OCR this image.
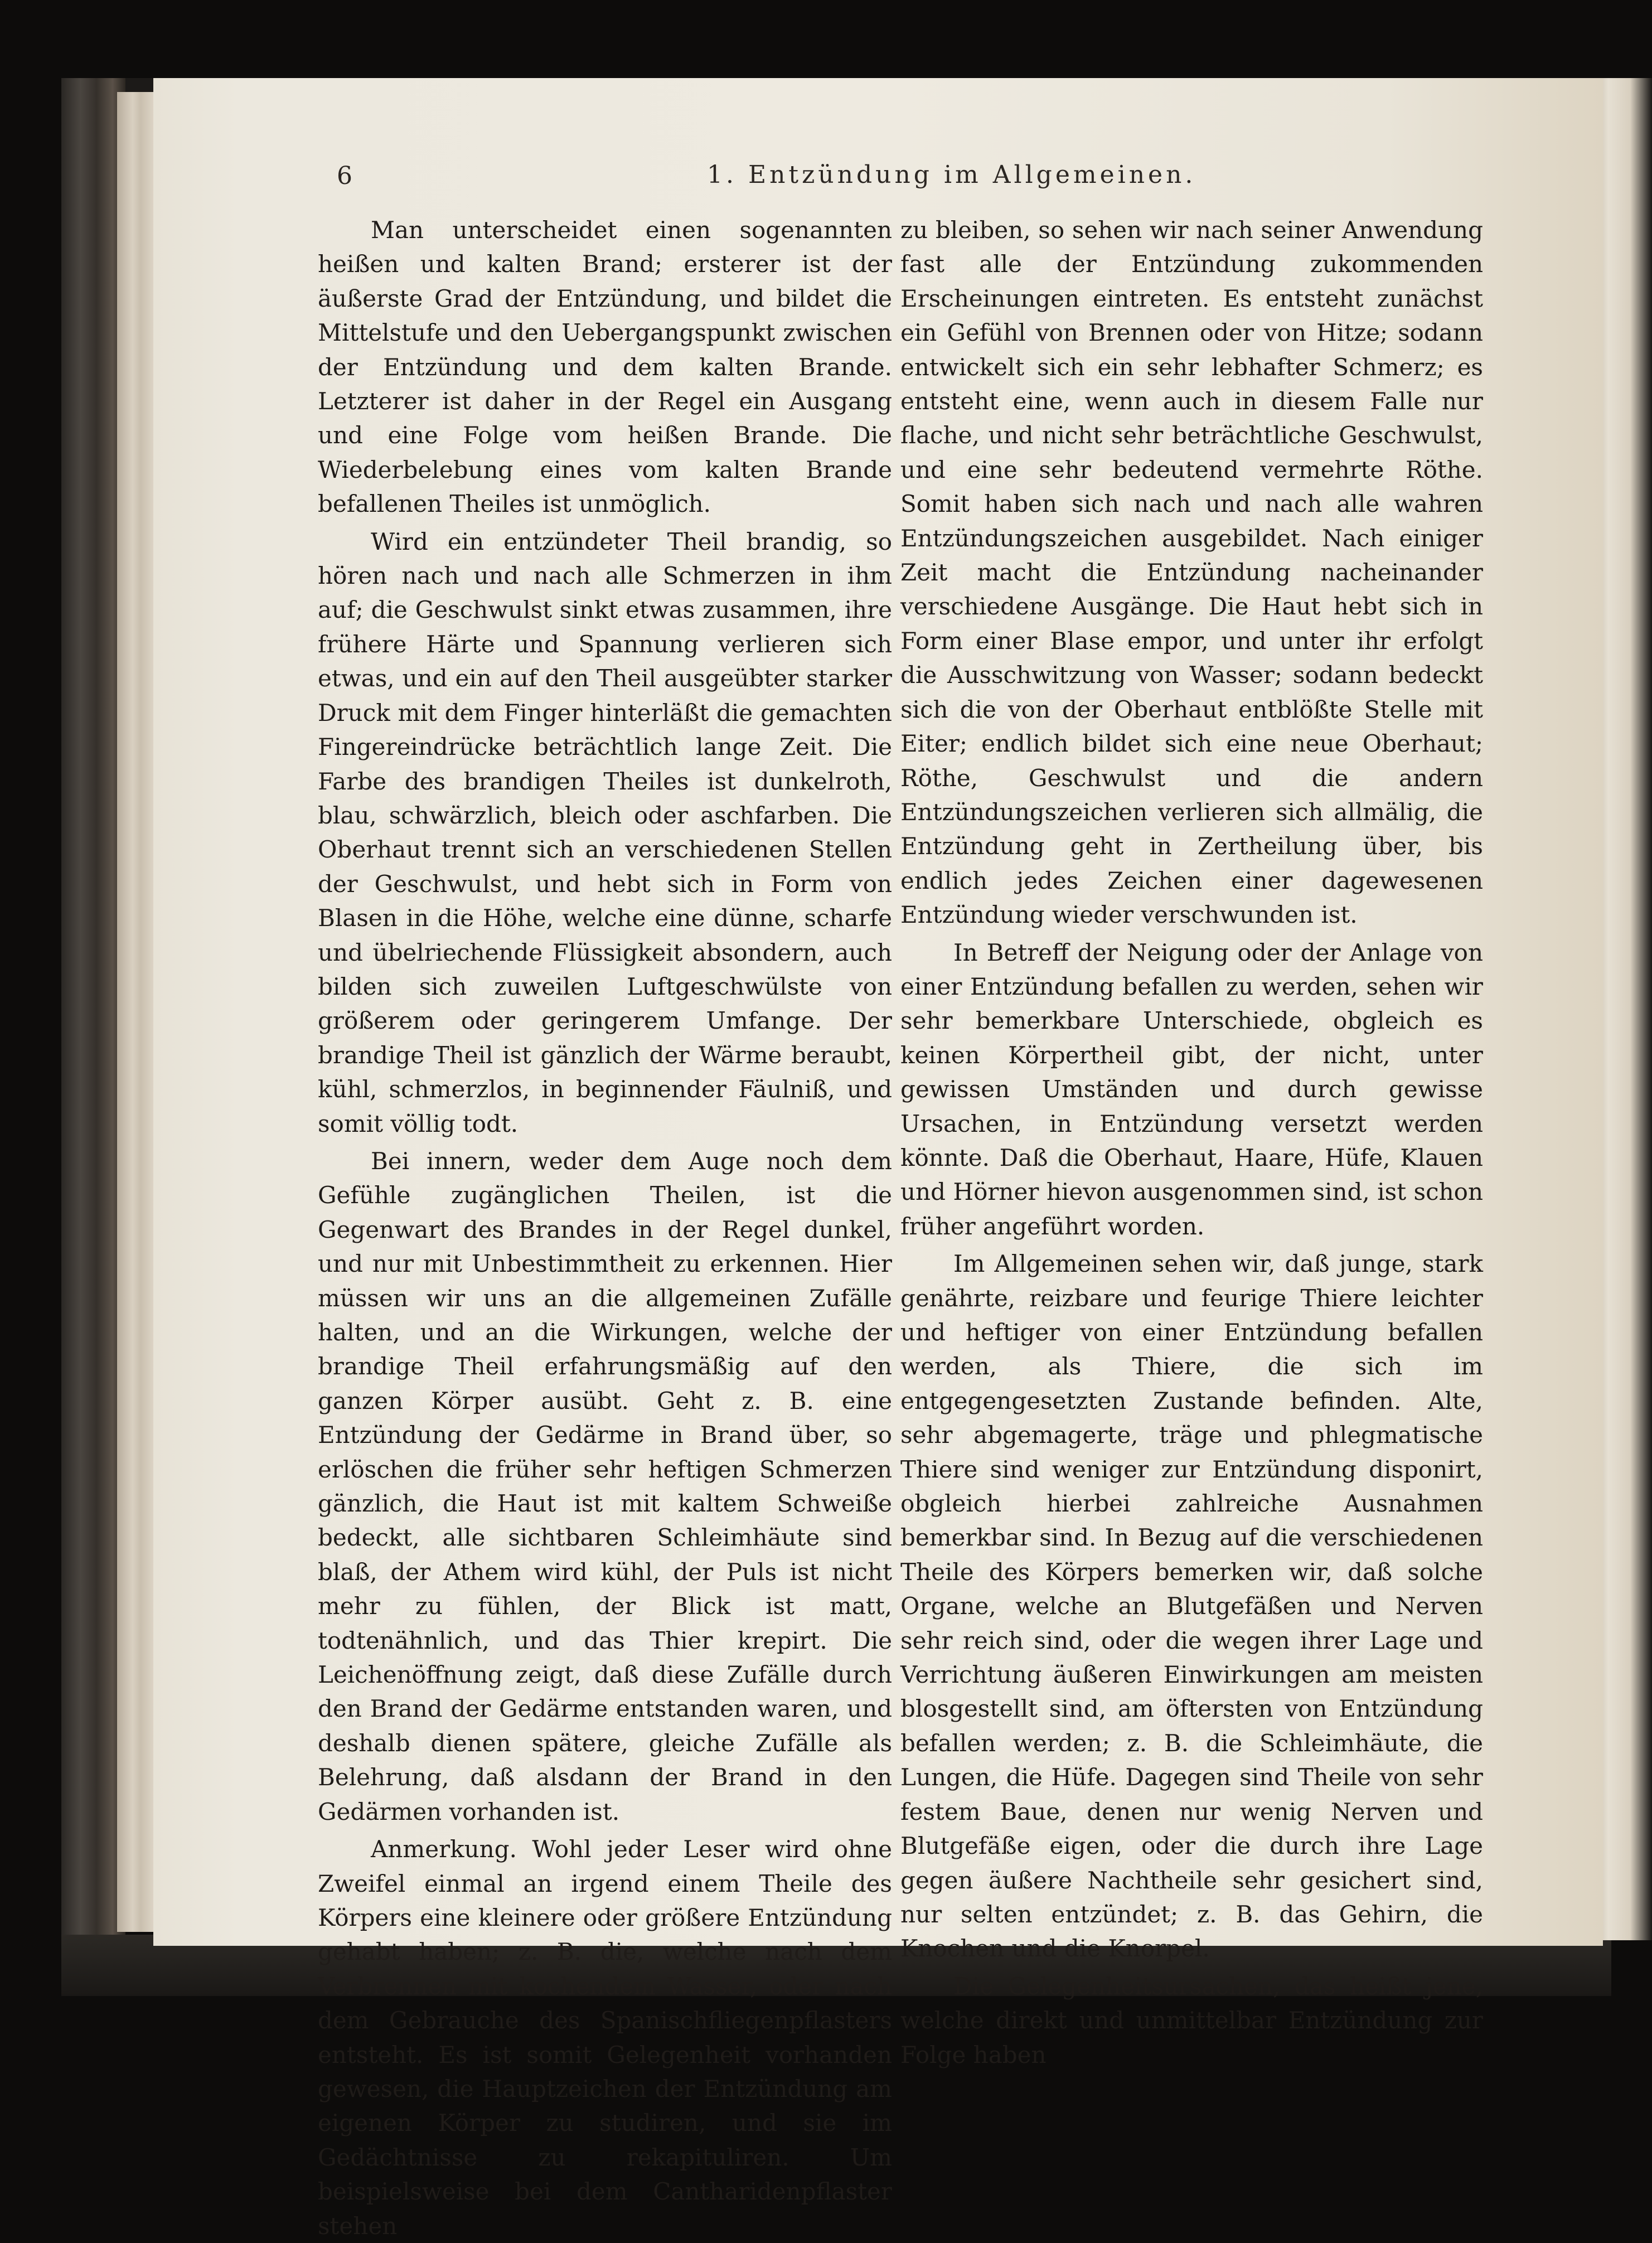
6	1. Entzündung im Allgemeinen.

Man unterscheidet einen sogenannten heißen und kalten Brand; ersterer ist der äußerste Grad der Entzündung, und bildet die Mittelstufe und den Uebergangspunkt zwischen der Entzündung und dem kalten Brande. Letzterer ist daher in der Regel ein Ausgang und eine Folge vom heißen Brande. Die Wiederbelebung eines vom kalten Brande befallenen Theiles ist unmöglich.

Wird ein entzündeter Theil brandig, so hören nach und nach alle Schmerzen in ihm auf; die Geschwulst sinkt etwas zusammen, ihre frühere Härte und Spannung verlieren sich etwas, und ein auf den Theil ausgeübter starker Druck mit dem Finger hinterläßt die gemachten Fingereindrücke beträchtlich lange Zeit. Die Farbe des brandigen Theiles ist dunkelroth, blau, schwärzlich, bleich oder aschfarben. Die Oberhaut trennt sich an verschiedenen Stellen der Geschwulst, und hebt sich in Form von Blasen in die Höhe, welche eine dünne, scharfe und übelriechende Flüssigkeit absondern, auch bilden sich zuweilen Luftgeschwülste von größerem oder geringerem Umfange. Der brandige Theil ist gänzlich der Wärme beraubt, kühl, schmerzlos, in beginnender Fäulniß, und somit völlig todt.

Bei innern, weder dem Auge noch dem Gefühle zugänglichen Theilen, ist die Gegenwart des Brandes in der Regel dunkel, und nur mit Unbestimmtheit zu erkennen. Hier müssen wir uns an die allgemeinen Zufälle halten, und an die Wirkungen, welche der brandige Theil erfahrungsmäßig auf den ganzen Körper ausübt. Geht z. B. eine Entzündung der Gedärme in Brand über, so erlöschen die früher sehr heftigen Schmerzen gänzlich, die Haut ist mit kaltem Schweiße bedeckt, alle sichtbaren Schleimhäute sind blaß, der Athem wird kühl, der Puls ist nicht mehr zu fühlen, der Blick ist matt, todtenähnlich, und das Thier krepirt. Die Leichenöffnung zeigt, daß diese Zufälle durch den Brand der Gedärme entstanden waren, und deshalb dienen spätere, gleiche Zufälle als Belehrung, daß alsdann der Brand in den Gedärmen vorhanden ist.

Anmerkung. Wohl jeder Leser wird ohne Zweifel einmal an irgend einem Theile des Körpers eine kleinere oder größere Entzündung gehabt haben; z. B. die, welche nach dem Verbrennen mit kochendem Wasser, oder nach dem Gebrauche des Spanischfliegenpflasters entsteht. Es ist somit Gelegenheit vorhanden gewesen, die Hauptzeichen der Entzündung am eigenen Körper zu studiren, und sie im Gedächtnisse zu rekapituliren. Um beispielsweise bei dem Cantharidenpflaster stehen

zu bleiben, so sehen wir nach seiner Anwendung fast alle der Entzündung zukommenden Erscheinungen eintreten. Es entsteht zunächst ein Gefühl von Brennen oder von Hitze; sodann entwickelt sich ein sehr lebhafter Schmerz; es entsteht eine, wenn auch in diesem Falle nur flache, und nicht sehr beträchtliche Geschwulst, und eine sehr bedeutend vermehrte Röthe. Somit haben sich nach und nach alle wahren Entzündungszeichen ausgebildet. Nach einiger Zeit macht die Entzündung nacheinander verschiedene Ausgänge. Die Haut hebt sich in Form einer Blase empor, und unter ihr erfolgt die Ausschwitzung von Wasser; sodann bedeckt sich die von der Oberhaut entblößte Stelle mit Eiter; endlich bildet sich eine neue Oberhaut; Röthe, Geschwulst und die andern Entzündungszeichen verlieren sich allmälig, die Entzündung geht in Zertheilung über, bis endlich jedes Zeichen einer dagewesenen Entzündung wieder verschwunden ist.

In Betreff der Neigung oder der Anlage von einer Entzündung befallen zu werden, sehen wir sehr bemerkbare Unterschiede, obgleich es keinen Körpertheil gibt, der nicht, unter gewissen Umständen und durch gewisse Ursachen, in Entzündung versetzt werden könnte. Daß die Oberhaut, Haare, Hüfe, Klauen und Hörner hievon ausgenommen sind, ist schon früher angeführt worden.

Im Allgemeinen sehen wir, daß junge, stark genährte, reizbare und feurige Thiere leichter und heftiger von einer Entzündung befallen werden, als Thiere, die sich im entgegengesetzten Zustande befinden. Alte, sehr abgemagerte, träge und phlegmatische Thiere sind weniger zur Entzündung disponirt, obgleich hierbei zahlreiche Ausnahmen bemerkbar sind. In Bezug auf die verschiedenen Theile des Körpers bemerken wir, daß solche Organe, welche an Blutgefäßen und Nerven sehr reich sind, oder die wegen ihrer Lage und Verrichtung äußeren Einwirkungen am meisten blosgestellt sind, am öftersten von Entzündung befallen werden; z. B. die Schleimhäute, die Lungen, die Hüfe. Dagegen sind Theile von sehr festem Baue, denen nur wenig Nerven und Blutgefäße eigen, oder die durch ihre Lage gegen äußere Nachtheile sehr gesichert sind, nur selten entzündet; z. B. das Gehirn, die Knochen und die Knorpel.

Die Gelegenheitsursachen, das heißt jene, welche direkt und unmittelbar Entzündung zur Folge haben
